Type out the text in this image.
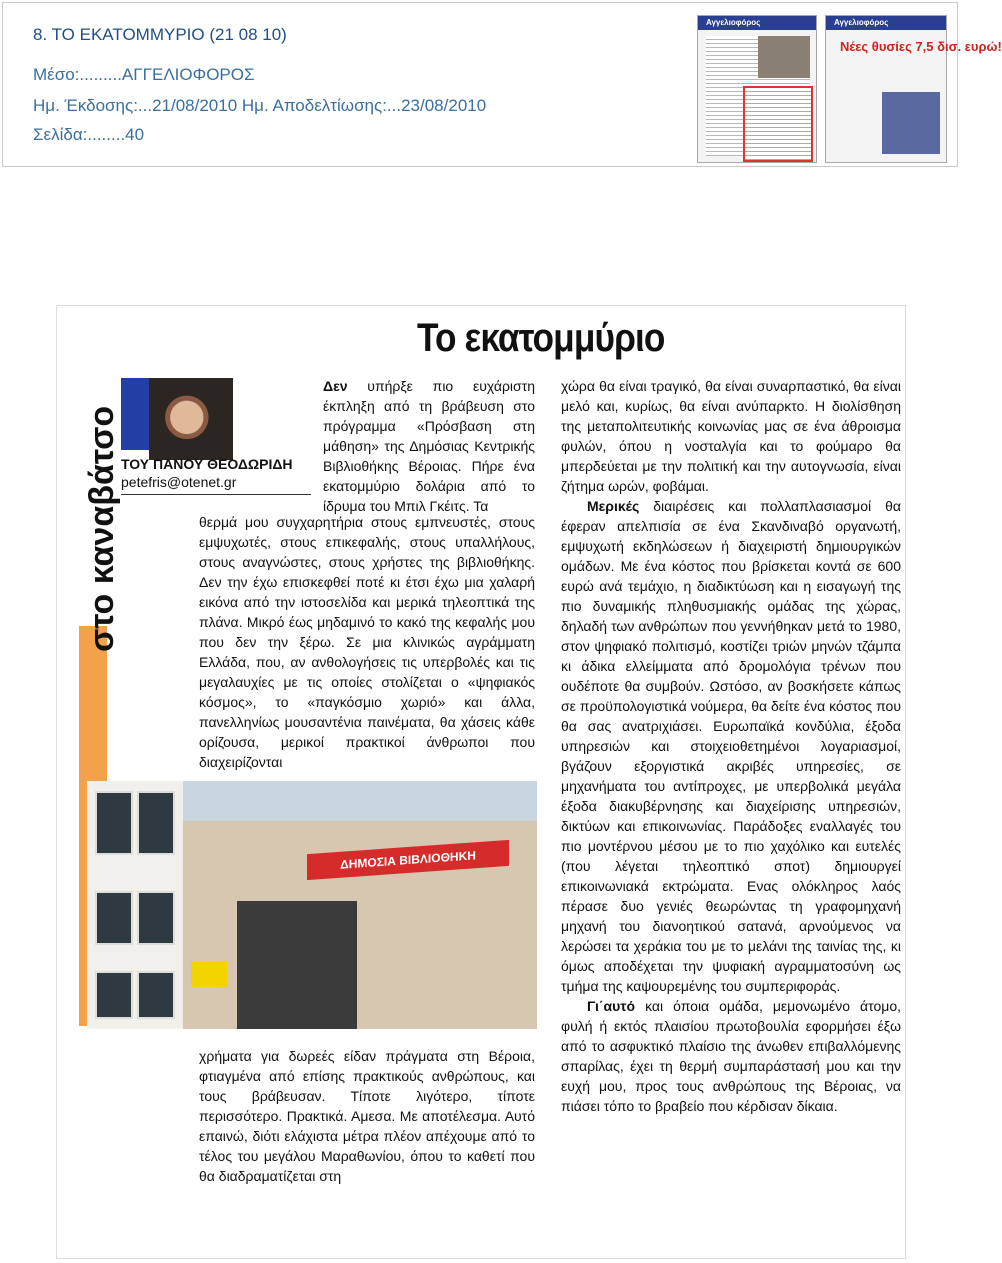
8. ΤΟ ΕΚΑΤΟΜΜΥΡΙΟ (21 08 10)
Μέσο:.........ΑΓΓΕΛΙΟΦΟΡΟΣ
Ημ. Έκδοσης:...21/08/2010 Ημ. Αποδελτίωσης:...23/08/2010
Σελίδα:........40
Αγγελιοφόρος	Αγγελιοφόρος
Νέες θυσίες 7,5 δισ. ευρώ!
Το εκατομμύριο
στο καναβάτσο ΤΟΥ ΠΑΝΟΥ ΘΕΟΔΩΡΙΔΗ
petefris@otenet.gr
Δεν υπήρξε πιο ευχάριστη έκπληξη από τη βράβευση στο πρόγραμμα «Πρόσβαση στη μάθηση» της Δημόσιας Κεντρικής Βιβλιοθήκης Βέροιας. Πήρε ένα εκατομμύριο δολάρια από το ίδρυμα του Μπιλ Γκέιτς. Τα
θερμά μου συγχαρητήρια στους εμπνευστές, στους εμψυχωτές, στους επικεφαλής, στους υπαλλήλους, στους αναγνώστες, στους χρήστες της βιβλιοθήκης. Δεν την έχω επισκεφθεί ποτέ κι έτσι έχω μια χαλαρή εικόνα από την ιστοσελίδα και μερικά τηλεοπτικά της πλάνα. Μικρό έως μηδαμινό το κακό της κεφαλής μου που δεν την ξέρω. Σε μια κλινικώς αγράμματη Ελλάδα, που, αν ανθολογήσεις τις υπερβολές και τις μεγαλαυχίες με τις οποίες στολίζεται ο «ψηφιακός κόσμος», το «παγκόσμιο χωριό» και άλλα, πανελληνίως μουσαντένια παινέματα, θα χάσεις κάθε ορίζουσα, μερικοί πρακτικοί άνθρωποι που διαχειρίζονται
ΔΗΜΟΣΙΑ ΒΙΒΛΙΟΘΗΚΗ
χρήματα για δωρεές είδαν πράγματα στη Βέροια, φτιαγμένα από επίσης πρακτικούς ανθρώπους, και τους βράβευσαν. Τίποτε λιγότερο, τίποτε περισσότερο. Πρακτικά. Αμεσα. Με αποτέλεσμα. Αυτό επαινώ, διότι ελάχιστα μέτρα πλέον απέχουμε από το τέλος του μεγάλου Μαραθωνίου, όπου το καθετί που θα διαδραματίζεται στη
χώρα θα είναι τραγικό, θα είναι συναρπαστικό, θα είναι μελό και, κυρίως, θα είναι ανύπαρκτο. Η διολίσθηση της μεταπολιτευτικής κοινωνίας μας σε ένα άθροισμα φυλών, όπου η νοσταλγία και το φούμαρο θα μπερδεύεται με την πολιτική και την αυτογνωσία, είναι ζήτημα ωρών, φοβάμαι.
Μερικές διαιρέσεις και πολλαπλασιασμοί θα έφεραν απελπισία σε ένα Σκανδιναβό οργανωτή, εμψυχωτή εκδηλώσεων ή διαχειριστή δημιουργικών ομάδων. Με ένα κόστος που βρίσκεται κοντά σε 600 ευρώ ανά τεμάχιο, η διαδικτύωση και η εισαγωγή της πιο δυναμικής πληθυσμιακής ομάδας της χώρας, δηλαδή των ανθρώπων που γεννήθηκαν μετά το 1980, στον ψηφιακό πολιτισμό, κοστίζει τριών μηνών τζάμπα κι άδικα ελλείμματα από δρομολόγια τρένων που ουδέποτε θα συμβούν. Ωστόσο, αν βοσκήσετε κάπως σε προϋπολογιστικά νούμερα, θα δείτε ένα κόστος που θα σας ανατριχιάσει. Ευρωπαϊκά κονδύλια, έξοδα υπηρεσιών και στοιχειοθετημένοι λογαριασμοί, βγάζουν εξοργιστικά ακριβές υπηρεσίες, σε μηχανήματα του αντίπροχες, με υπερβολικά μεγάλα έξοδα διακυβέρνησης και διαχείρισης υπηρεσιών, δικτύων και επικοινωνίας. Παράδοξες εναλλαγές του πιο μοντέρνου μέσου με το πιο χαχόλικο και ευτελές (που λέγεται τηλεοπτικό σποτ) δημιουργεί επικοινωνιακά εκτρώματα. Ενας ολόκληρος λαός πέρασε δυο γενιές θεωρώντας τη γραφομηχανή μηχανή του διανοητικού σατανά, αρνούμενος να λερώσει τα χεράκια του με το μελάνι της ταινίας της, κι όμως αποδέχεται την ψυφιακή αγραμματοσύνη ως τμήμα της καψουρεμένης του συμπεριφοράς.
Γι΄αυτό και όποια ομάδα, μεμονωμένο άτομο, φυλή ή εκτός πλαισίου πρωτοβουλία εφορμήσει έξω από το ασφυκτικό πλαίσιο της άνωθεν επιβαλλόμενης σπαρίλας, έχει τη θερμή συμπαράστασή μου και την ευχή μου, προς τους ανθρώπους της Βέροιας, να πιάσει τόπο το βραβείο που κέρδισαν δίκαια.
